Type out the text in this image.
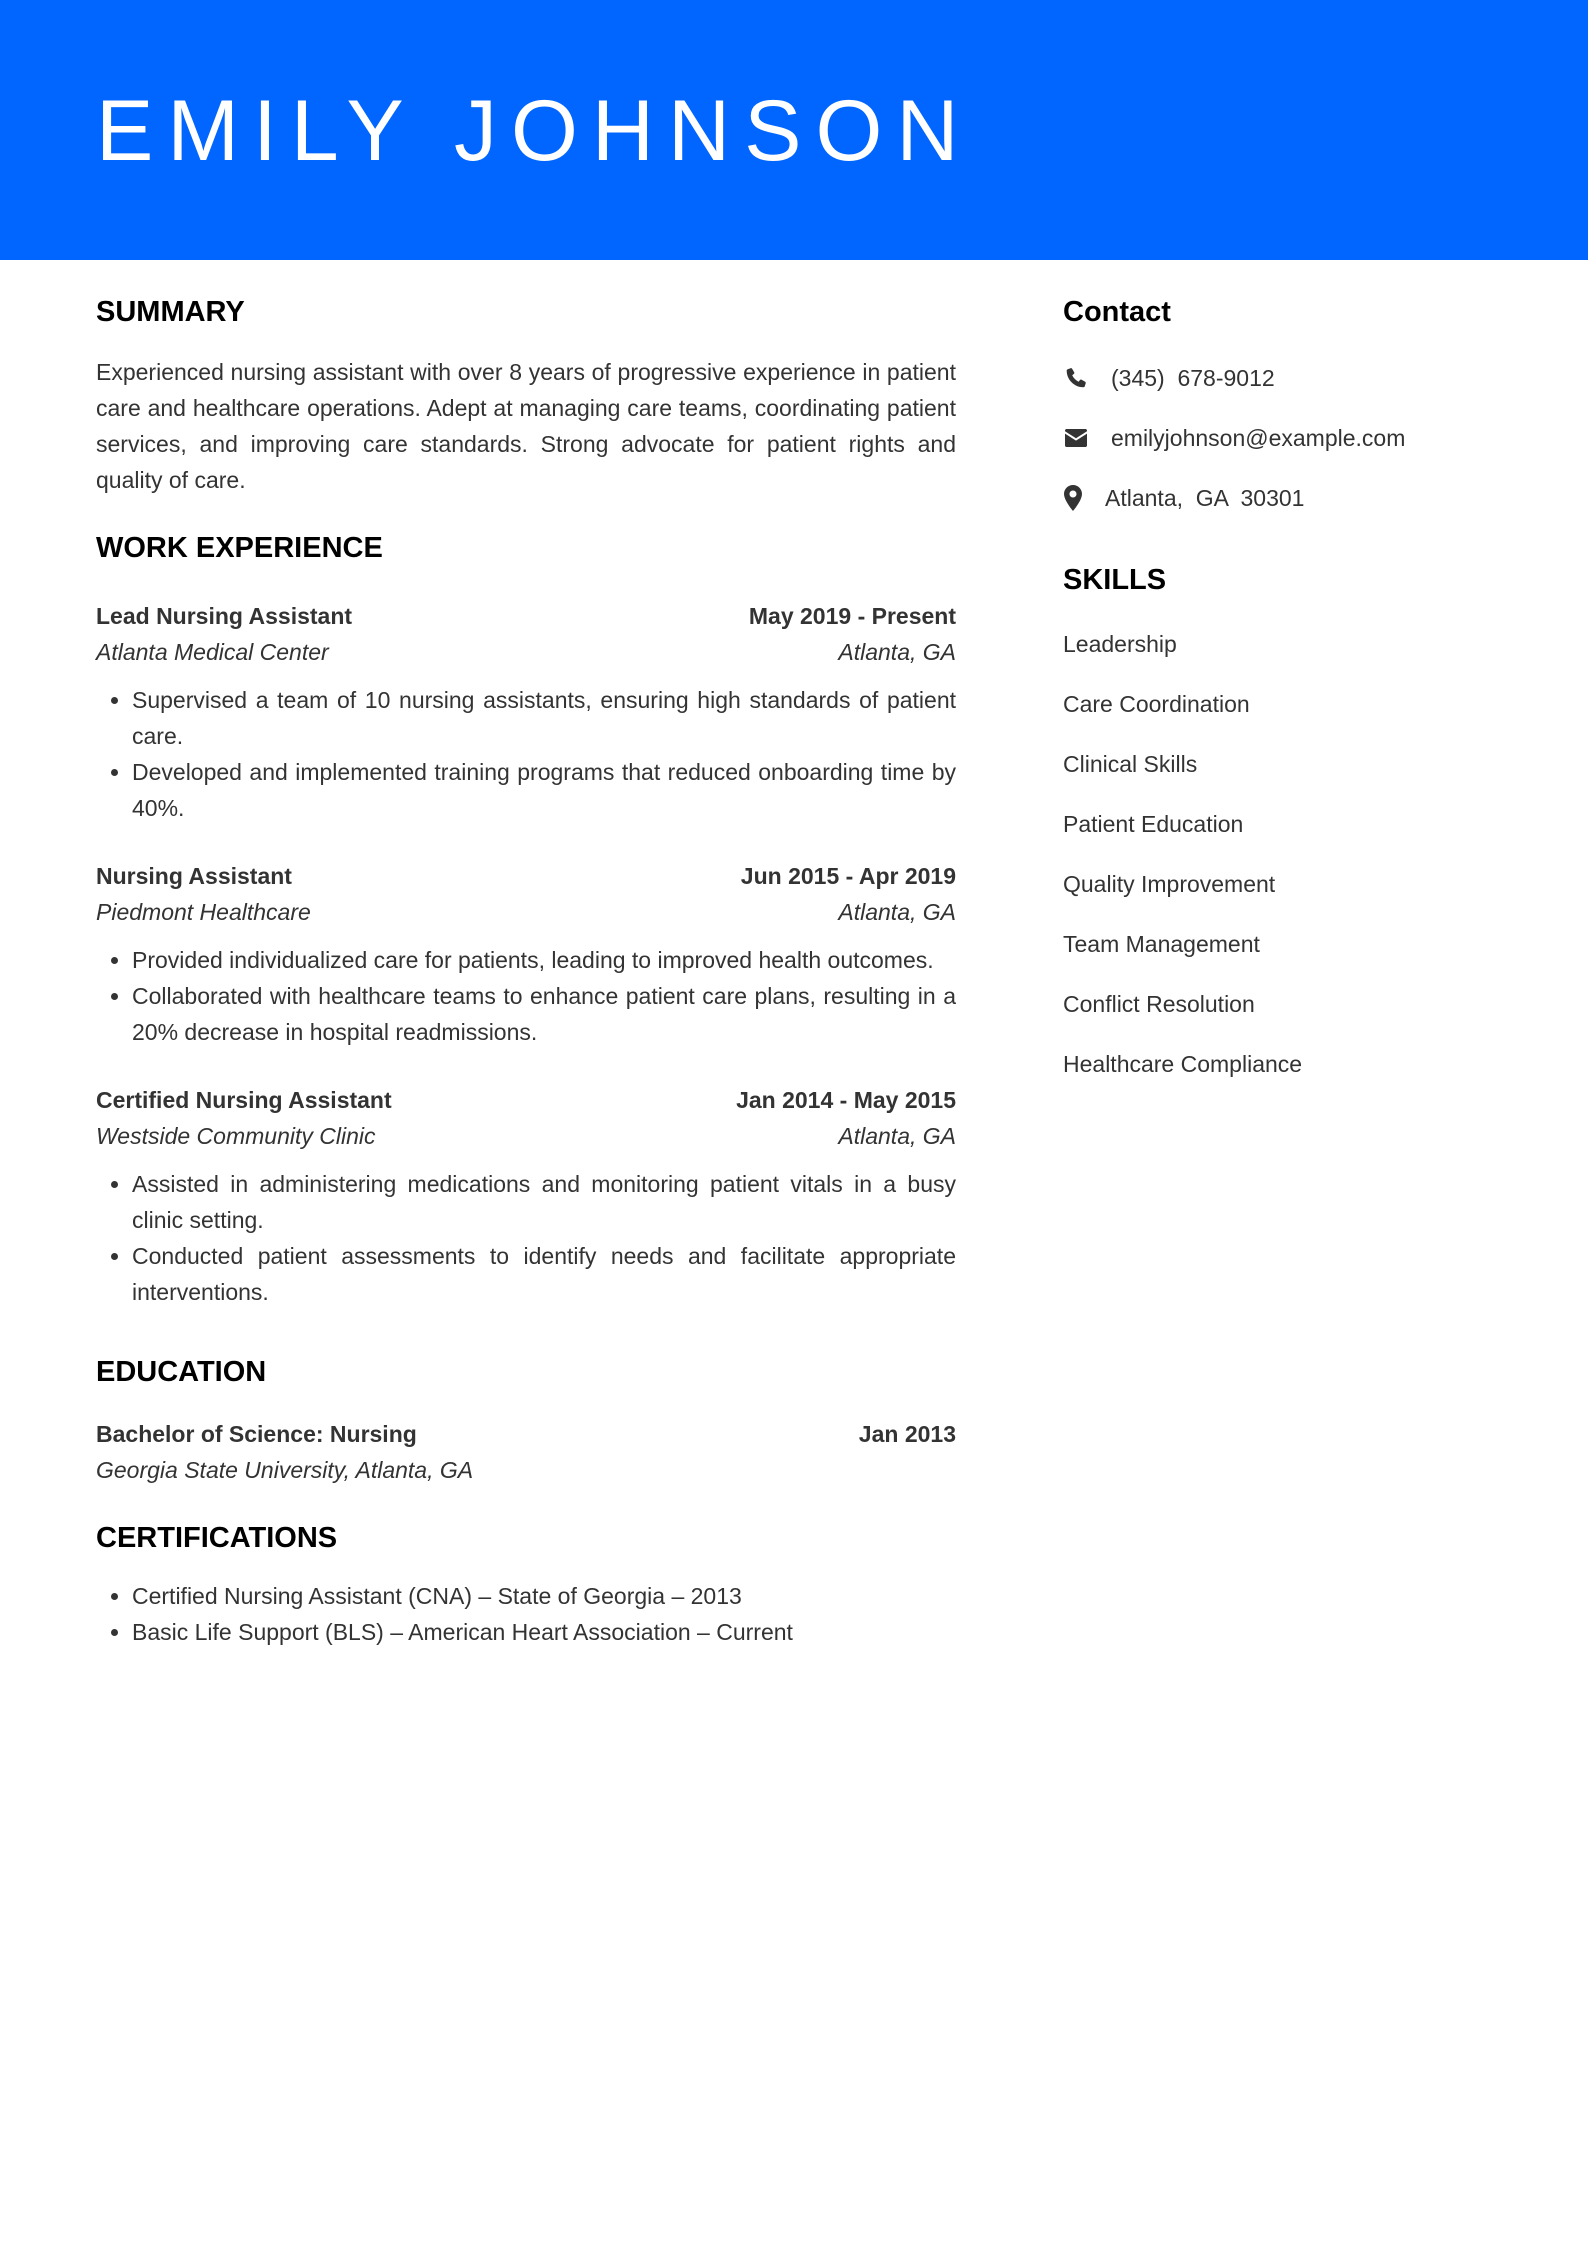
EMILY JOHNSON
SUMMARY

Experienced nursing assistant with over 8 years of progressive experience in patient care and healthcare operations. Adept at managing care teams, coordinating patient services, and improving care standards. Strong advocate for patient rights and quality of care.

WORK EXPERIENCE
Lead Nursing Assistant	May 2019 - Present
Atlanta Medical Center	Atlanta, GA
• Supervised a team of 10 nursing assistants, ensuring high standards of patient care.
• Developed and implemented training programs that reduced onboarding time by 40%.
Nursing Assistant	Jun 2015 - Apr 2019
Piedmont Healthcare	Atlanta, GA
• Provided individualized care for patients, leading to improved health outcomes.
• Collaborated with healthcare teams to enhance patient care plans, resulting in a 20% decrease in hospital readmissions.
Certified Nursing Assistant	Jan 2014 - May 2015
Westside Community Clinic	Atlanta, GA
• Assisted in administering medications and monitoring patient vitals in a busy clinic setting.
• Conducted patient assessments to identify needs and facilitate appropriate interventions.
EDUCATION
Bachelor of Science: Nursing	Jan 2013
Georgia State University, Atlanta, GA
CERTIFICATIONS
• Certified Nursing Assistant (CNA) – State of Georgia – 2013
• Basic Life Support (BLS) – American Heart Association – Current
Contact
(345)  678-9012
emilyjohnson@example.com
Atlanta,  GA  30301
SKILLS
Leadership
Care Coordination
Clinical Skills
Patient Education
Quality Improvement
Team Management
Conflict Resolution
Healthcare Compliance
